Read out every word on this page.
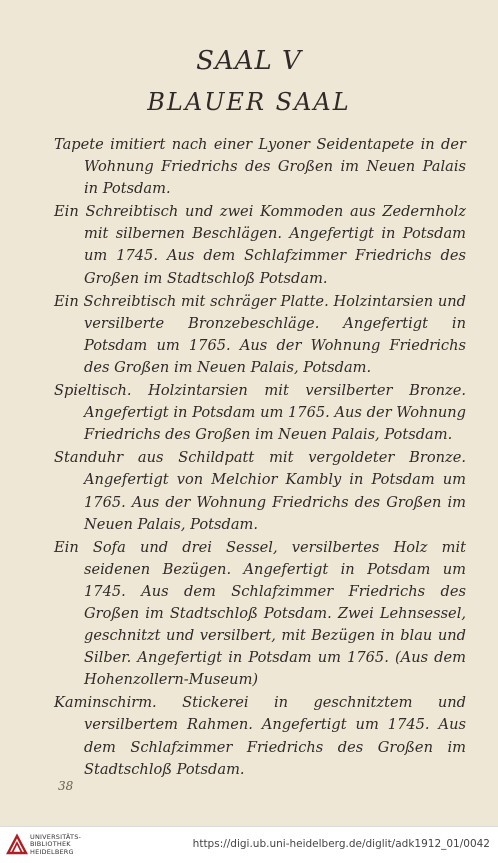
SAAL V
BLAUER SAAL

Tapete imitiert nach einer Lyoner Seidentapete in der Wohnung Friedrichs des Großen im Neuen Palais in Potsdam.

Ein Schreibtisch und zwei Kommoden aus Zedernholz mit silbernen Beschlägen. Angefertigt in Potsdam um 1745. Aus dem Schlafzimmer Friedrichs des Großen im Stadtschloß Potsdam.

Ein Schreibtisch mit schräger Platte. Holzintarsien und versilberte Bronzebeschläge. Angefertigt in Potsdam um 1765. Aus der Wohnung Friedrichs des Großen im Neuen Palais, Potsdam.

Spieltisch. Holzintarsien mit versilberter Bronze. Angefertigt in Potsdam um 1765. Aus der Wohnung Friedrichs des Großen im Neuen Palais, Potsdam.

Standuhr aus Schildpatt mit vergoldeter Bronze. Angefertigt von Melchior Kambly in Potsdam um 1765. Aus der Wohnung Friedrichs des Großen im Neuen Palais, Potsdam.

Ein Sofa und drei Sessel, versilbertes Holz mit seidenen Bezügen. Angefertigt in Potsdam um 1745. Aus dem Schlafzimmer Friedrichs des Großen im Stadtschloß Potsdam. Zwei Lehnsessel, geschnitzt und versilbert, mit Bezügen in blau und Silber. Angefertigt in Potsdam um 1765. (Aus dem Hohenzollern-Museum)

Kaminschirm. Stickerei in geschnitztem und versilbertem Rahmen. Angefertigt um 1745. Aus dem Schlafzimmer Friedrichs des Großen im Stadtschloß Potsdam.

38
UNIVERSITÄTS-
BIBLIOTHEK
HEIDELBERG
https://digi.ub.uni-heidelberg.de/diglit/adk1912_01/0042
